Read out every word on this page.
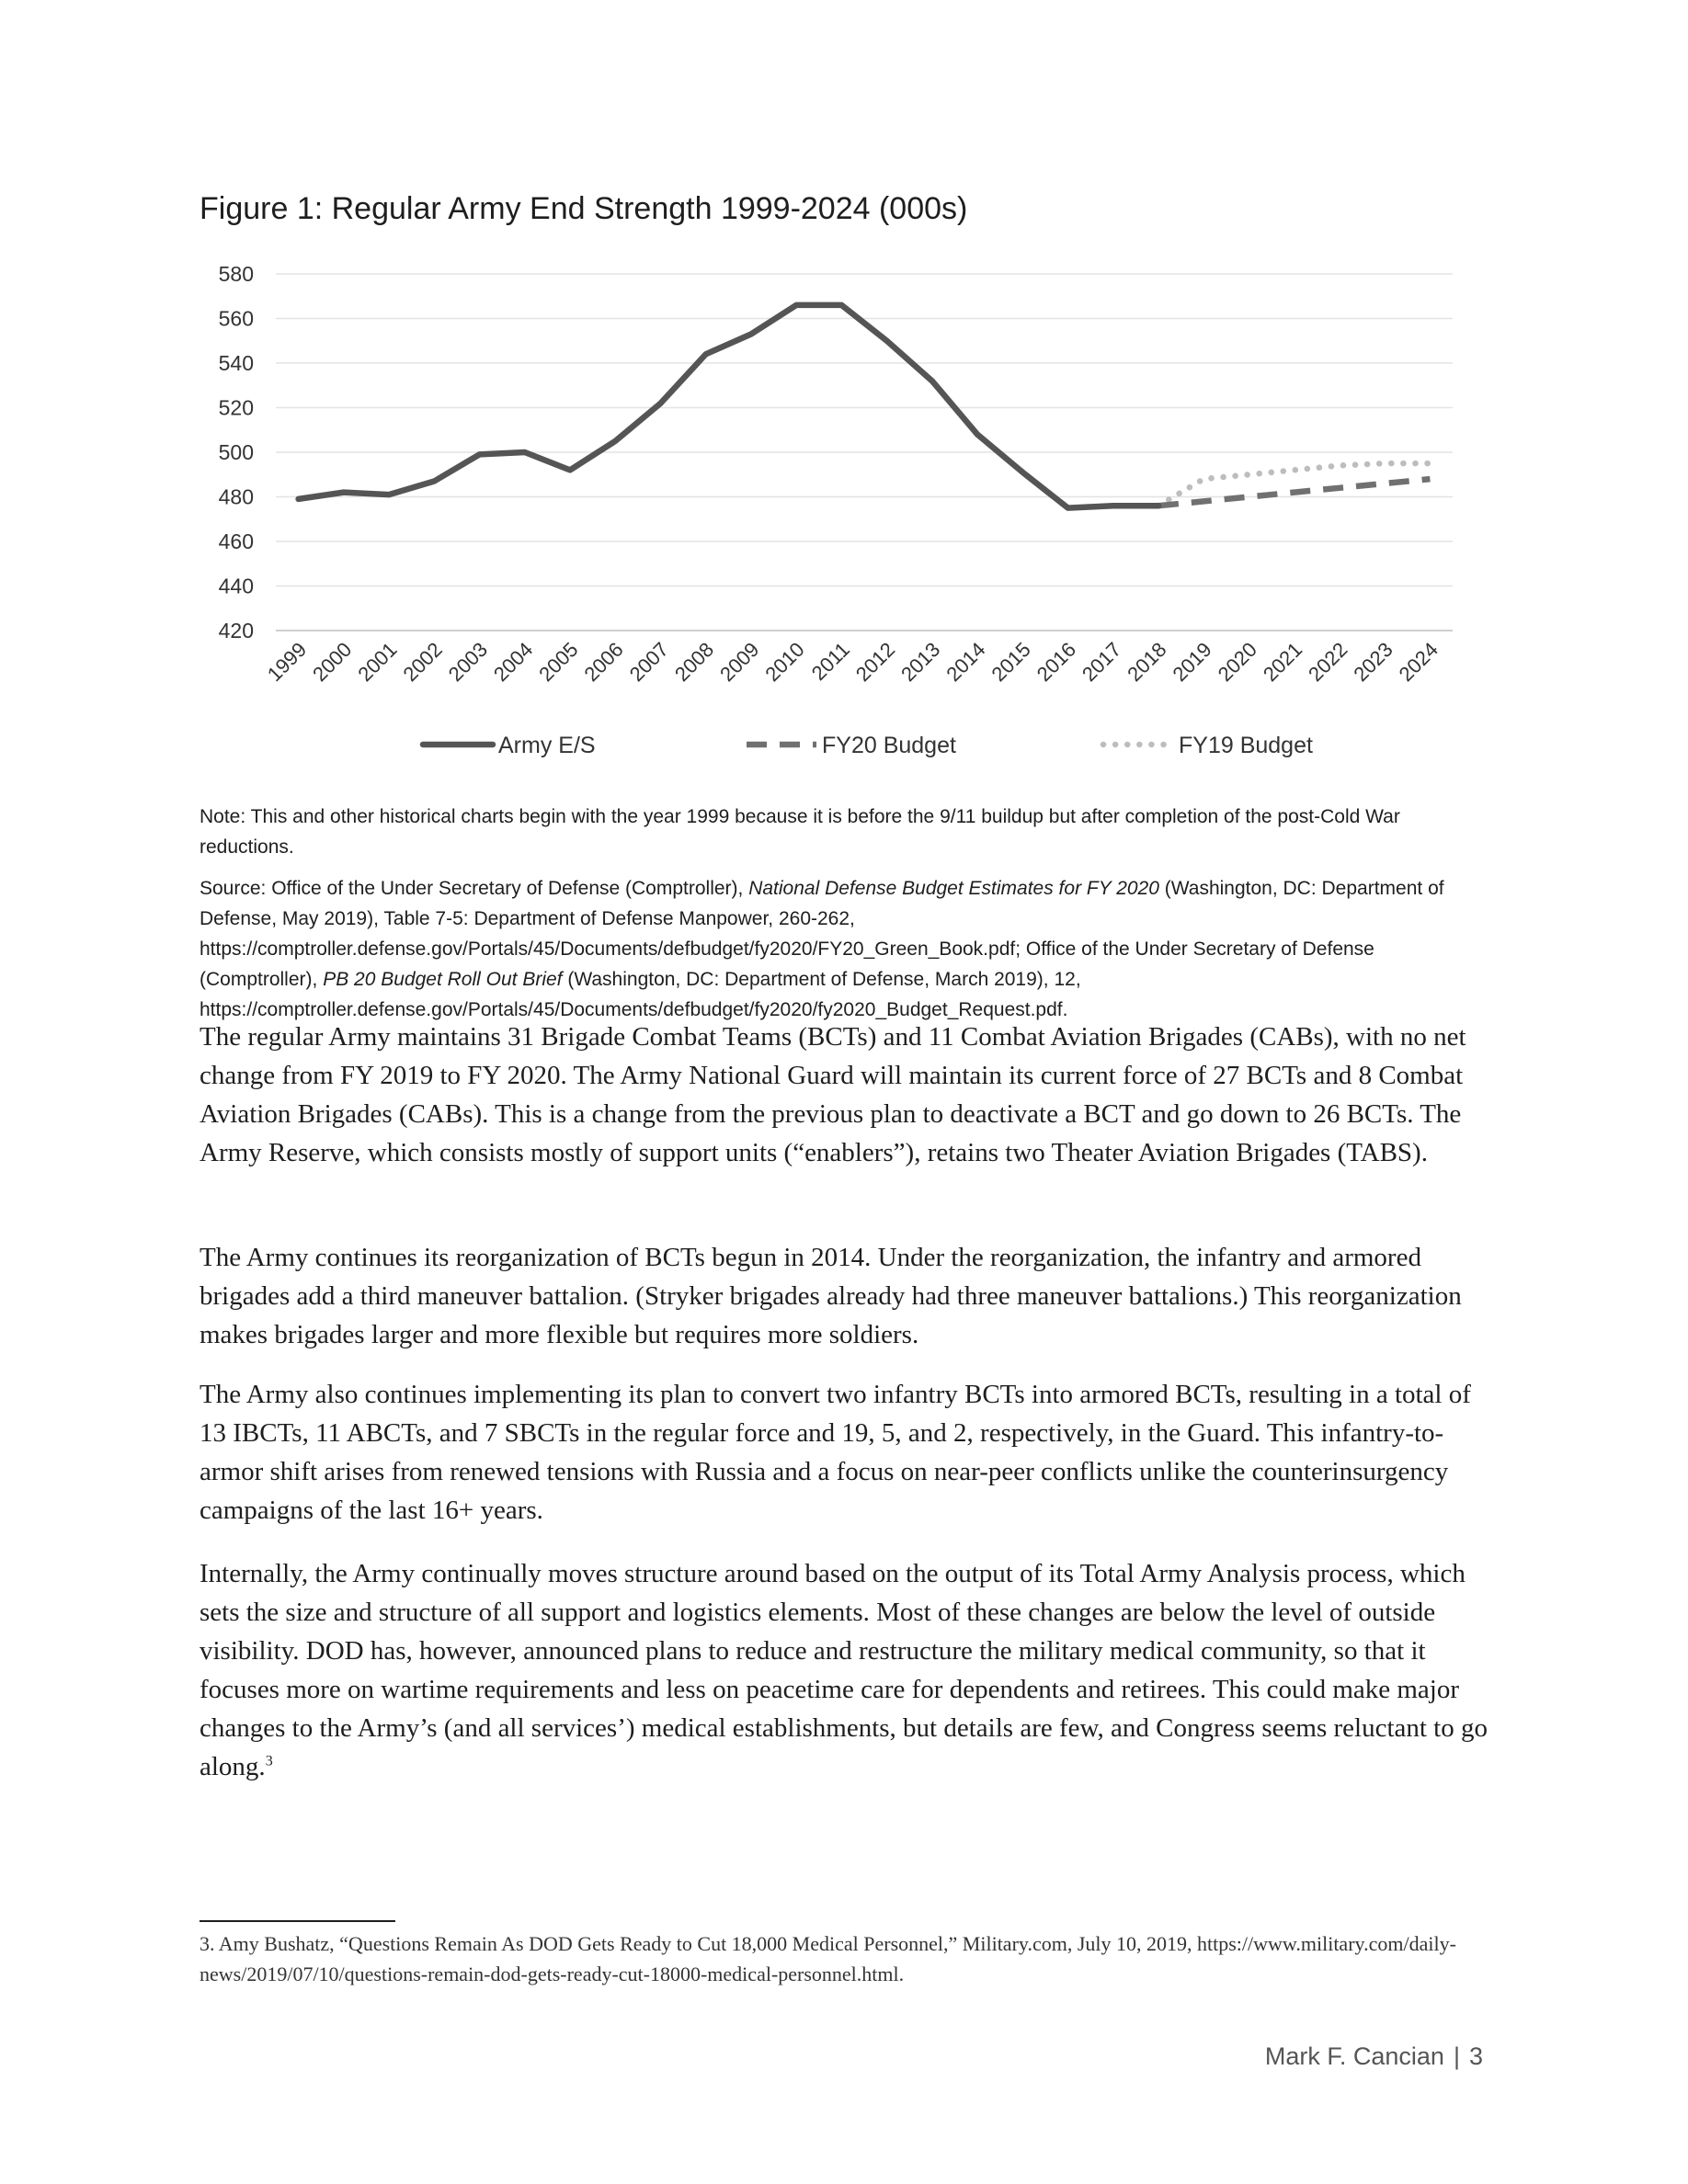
Figure 1: Regular Army End Strength 1999-2024 (000s)
420
440
460
480
500
520
540
560
580
1999
2000
2001
2002
2003
2004
2005
2006
2007
2008
2009
2010
2011
2012
2013
2014
2015
2016
2017
2018
2019
2020
2021
2022
2023
2024
Army E/S	FY20 Budget	FY19 Budget
Note: This and other historical charts begin with the year 1999 because it is before the 9/11 buildup but after completion of the post-Cold War reductions.
Source: Office of the Under Secretary of Defense (Comptroller), National Defense Budget Estimates for FY 2020 (Washington, DC: Department of Defense, May 2019), Table 7-5: Department of Defense Manpower, 260-262, https://comptroller.defense.gov/Portals/45/Documents/defbudget/fy2020/FY20_Green_Book.pdf; Office of the Under Secretary of Defense (Comptroller), PB 20 Budget Roll Out Brief (Washington, DC: Department of Defense, March 2019), 12, https://comptroller.defense.gov/Portals/45/Documents/defbudget/fy2020/fy2020_Budget_Request.pdf.

The regular Army maintains 31 Brigade Combat Teams (BCTs) and 11 Combat Aviation Brigades (CABs), with no net change from FY 2019 to FY 2020. The Army National Guard will maintain its current force of 27 BCTs and 8 Combat Aviation Brigades (CABs). This is a change from the previous plan to deactivate a BCT and go down to 26 BCTs. The Army Reserve, which consists mostly of support units (“enablers”), retains two Theater Aviation Brigades (TABS).

The Army continues its reorganization of BCTs begun in 2014. Under the reorganization, the infantry and armored brigades add a third maneuver battalion. (Stryker brigades already had three maneuver battalions.) This reorganization makes brigades larger and more flexible but requires more soldiers.

The Army also continues implementing its plan to convert two infantry BCTs into armored BCTs, resulting in a total of 13 IBCTs, 11 ABCTs, and 7 SBCTs in the regular force and 19, 5, and 2, respectively, in the Guard. This infantry-to-armor shift arises from renewed tensions with Russia and a focus on near-peer conflicts unlike the counterinsurgency campaigns of the last 16+ years.

Internally, the Army continually moves structure around based on the output of its Total Army Analysis process, which sets the size and structure of all support and logistics elements. Most of these changes are below the level of outside visibility. DOD has, however, announced plans to reduce and restructure the military medical community, so that it focuses more on wartime requirements and less on peacetime care for dependents and retirees. This could make major changes to the Army’s (and all services’) medical establishments, but details are few, and Congress seems reluctant to go along.$^3$

3. Amy Bushatz, “Questions Remain As DOD Gets Ready to Cut 18,000 Medical Personnel,” Military.com, July 10, 2019, https://www.military.com/daily-news/2019/07/10/questions-remain-dod-gets-ready-cut-18000-medical-personnel.html.
Mark F. Cancian | 3
